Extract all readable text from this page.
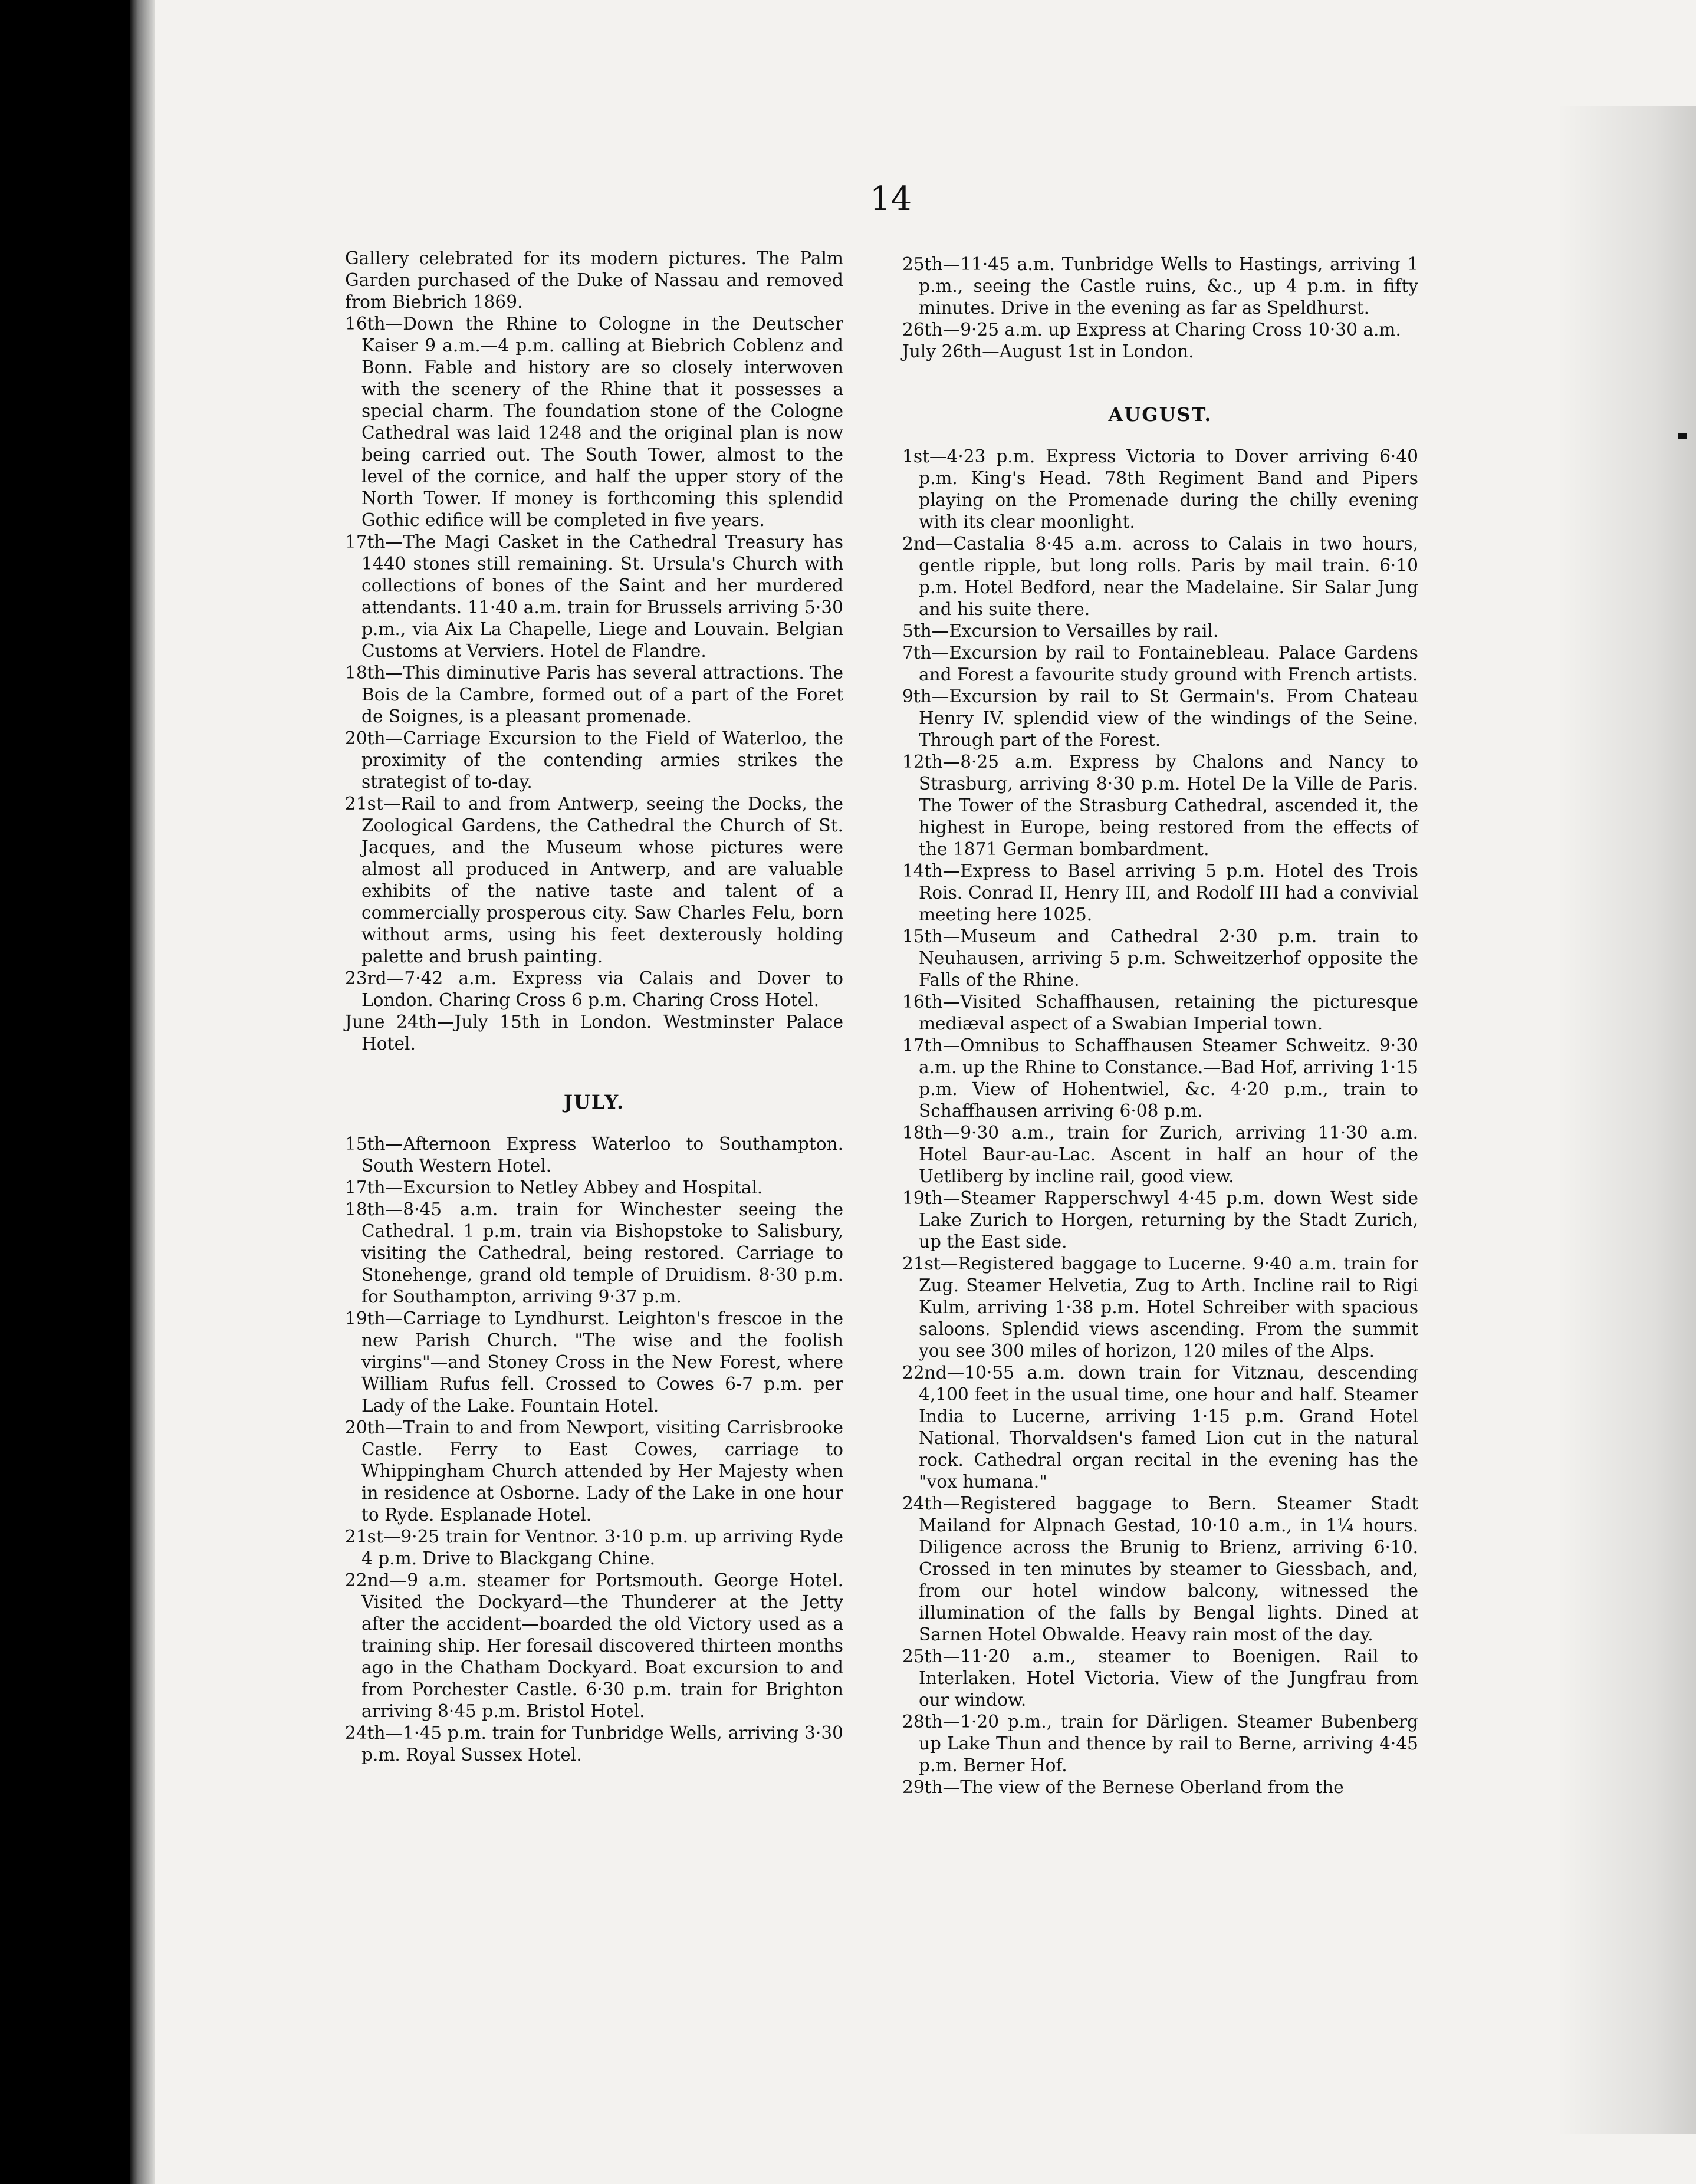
14

Gallery celebrated for its modern pictures. The Palm Garden purchased of the Duke of Nassau and removed from Biebrich 1869.

16th—Down the Rhine to Cologne in the Deutscher Kaiser 9 a.m.—4 p.m. calling at Biebrich Coblenz and Bonn. Fable and history are so closely interwoven with the scenery of the Rhine that it possesses a special charm. The foundation stone of the Cologne Cathedral was laid 1248 and the original plan is now being carried out. The South Tower, almost to the level of the cornice, and half the upper story of the North Tower. If money is forthcoming this splendid Gothic edifice will be completed in five years.

17th—The Magi Casket in the Cathedral Treasury has 1440 stones still remaining. St. Ursula's Church with collections of bones of the Saint and her murdered attendants. 11·40 a.m. train for Brussels arriving 5·30 p.m., via Aix La Chapelle, Liege and Louvain. Belgian Customs at Verviers. Hotel de Flandre.

18th—This diminutive Paris has several attractions. The Bois de la Cambre, formed out of a part of the Foret de Soignes, is a pleasant promenade.

20th—Carriage Excursion to the Field of Waterloo, the proximity of the contending armies strikes the strategist of to-day.

21st—Rail to and from Antwerp, seeing the Docks, the Zoological Gardens, the Cathedral the Church of St. Jacques, and the Museum whose pictures were almost all produced in Antwerp, and are valuable exhibits of the native taste and talent of a commercially prosperous city. Saw Charles Felu, born without arms, using his feet dexterously holding palette and brush painting.

23rd—7·42 a.m. Express via Calais and Dover to London. Charing Cross 6 p.m. Charing Cross Hotel.

June 24th—July 15th in London. Westminster Palace Hotel.

JULY.

15th—Afternoon Express Waterloo to Southampton. South Western Hotel.

17th—Excursion to Netley Abbey and Hospital.

18th—8·45 a.m. train for Winchester seeing the Cathedral. 1 p.m. train via Bishopstoke to Salisbury, visiting the Cathedral, being restored. Carriage to Stonehenge, grand old temple of Druidism. 8·30 p.m. for Southampton, arriving 9·37 p.m.

19th—Carriage to Lyndhurst. Leighton's frescoe in the new Parish Church. "The wise and the foolish virgins"—and Stoney Cross in the New Forest, where William Rufus fell. Crossed to Cowes 6-7 p.m. per Lady of the Lake. Fountain Hotel.

20th—Train to and from Newport, visiting Carrisbrooke Castle. Ferry to East Cowes, carriage to Whippingham Church attended by Her Majesty when in residence at Osborne. Lady of the Lake in one hour to Ryde. Esplanade Hotel.

21st—9·25 train for Ventnor. 3·10 p.m. up arriving Ryde 4 p.m. Drive to Blackgang Chine.

22nd—9 a.m. steamer for Portsmouth. George Hotel. Visited the Dockyard—the Thunderer at the Jetty after the accident—boarded the old Victory used as a training ship. Her foresail discovered thirteen months ago in the Chatham Dockyard. Boat excursion to and from Porchester Castle. 6·30 p.m. train for Brighton arriving 8·45 p.m. Bristol Hotel.

24th—1·45 p.m. train for Tunbridge Wells, arriving 3·30 p.m. Royal Sussex Hotel.

25th—11·45 a.m. Tunbridge Wells to Hastings, arriving 1 p.m., seeing the Castle ruins, &c., up 4 p.m. in fifty minutes. Drive in the evening as far as Speldhurst.

26th—9·25 a.m. up Express at Charing Cross 10·30 a.m.

July 26th—August 1st in London.

AUGUST.

1st—4·23 p.m. Express Victoria to Dover arriving 6·40 p.m. King's Head. 78th Regiment Band and Pipers playing on the Promenade during the chilly evening with its clear moonlight.

2nd—Castalia 8·45 a.m. across to Calais in two hours, gentle ripple, but long rolls. Paris by mail train. 6·10 p.m. Hotel Bedford, near the Madelaine. Sir Salar Jung and his suite there.

5th—Excursion to Versailles by rail.

7th—Excursion by rail to Fontainebleau. Palace Gardens and Forest a favourite study ground with French artists.

9th—Excursion by rail to St Germain's. From Chateau Henry IV. splendid view of the windings of the Seine. Through part of the Forest.

12th—8·25 a.m. Express by Chalons and Nancy to Strasburg, arriving 8·30 p.m. Hotel De la Ville de Paris. The Tower of the Strasburg Cathedral, ascended it, the highest in Europe, being restored from the effects of the 1871 German bombardment.

14th—Express to Basel arriving 5 p.m. Hotel des Trois Rois. Conrad II, Henry III, and Rodolf III had a convivial meeting here 1025.

15th—Museum and Cathedral 2·30 p.m. train to Neuhausen, arriving 5 p.m. Schweitzerhof opposite the Falls of the Rhine.

16th—Visited Schaffhausen, retaining the picturesque mediæval aspect of a Swabian Imperial town.

17th—Omnibus to Schaffhausen Steamer Schweitz. 9·30 a.m. up the Rhine to Constance.—Bad Hof, arriving 1·15 p.m. View of Hohentwiel, &c. 4·20 p.m., train to Schaffhausen arriving 6·08 p.m.

18th—9·30 a.m., train for Zurich, arriving 11·30 a.m. Hotel Baur-au-Lac. Ascent in half an hour of the Uetliberg by incline rail, good view.

19th—Steamer Rapperschwyl 4·45 p.m. down West side Lake Zurich to Horgen, returning by the Stadt Zurich, up the East side.

21st—Registered baggage to Lucerne. 9·40 a.m. train for Zug. Steamer Helvetia, Zug to Arth. Incline rail to Rigi Kulm, arriving 1·38 p.m. Hotel Schreiber with spacious saloons. Splendid views ascending. From the summit you see 300 miles of horizon, 120 miles of the Alps.

22nd—10·55 a.m. down train for Vitznau, descending 4,100 feet in the usual time, one hour and half. Steamer India to Lucerne, arriving 1·15 p.m. Grand Hotel National. Thorvaldsen's famed Lion cut in the natural rock. Cathedral organ recital in the evening has the "vox humana."

24th—Registered baggage to Bern. Steamer Stadt Mailand for Alpnach Gestad, 10·10 a.m., in 1¼ hours. Diligence across the Brunig to Brienz, arriving 6·10. Crossed in ten minutes by steamer to Giessbach, and, from our hotel window balcony, witnessed the illumination of the falls by Bengal lights. Dined at Sarnen Hotel Obwalde. Heavy rain most of the day.

25th—11·20 a.m., steamer to Boenigen. Rail to Interlaken. Hotel Victoria. View of the Jungfrau from our window.

28th—1·20 p.m., train for Därligen. Steamer Bubenberg up Lake Thun and thence by rail to Berne, arriving 4·45 p.m. Berner Hof.

29th—The view of the Bernese Oberland from the
